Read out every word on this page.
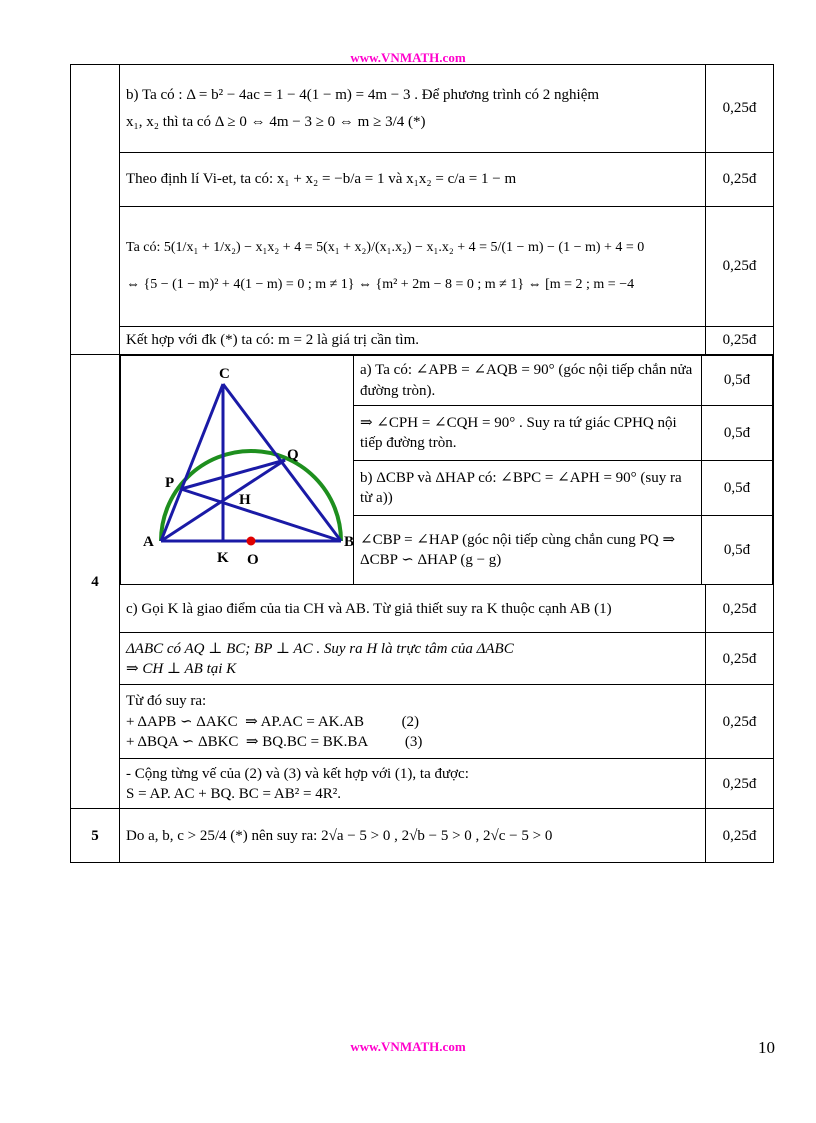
www.VNMATH.com

b) Ta có : Δ = b² − 4ac = 1 − 4(1 − m) = 4m − 3 . Để phương trình có 2 nghiệm
x₁, x₂ thì ta có Δ ≥ 0 ⇔ 4m − 3 ≥ 0 ⇔ m ≥ 3/4 (*)
	0,25đ
Theo định lí Vi-et, ta có: x₁ + x₂ = −b/a = 1 và x₁x₂ = c/a = 1 − m	0,25đ

Ta có: 5(1/x₁ + 1/x₂) − x₁x₂ + 4 = 5(x₁ + x₂)/(x₁.x₂) − x₁.x₂ + 4 = 5/(1 − m) − (1 − m) + 4 = 0
⇔ {5 − (1 − m)² + 4(1 − m) = 0 ; m ≠ 1} ⇔ {m² + 2m − 8 = 0 ; m ≠ 1} ⇔ [m = 2 ; m = −4
	0,25đ
Kết hợp với đk (*) ta có: m = 2 là giá trị cần tìm.	0,25đ
4	
C
P
Q
H
A
K O
B
	a) Ta có: ∠APB = ∠AQB = 90° (góc nội tiếp chắn nửa đường tròn).	0,5đ
⇒ ∠CPH = ∠CQH = 90° . Suy ra tứ giác CPHQ nội tiếp đường tròn.	0,5đ
b) ΔCBP và ΔHAP có: ∠BPC = ∠APH = 90° (suy ra từ a))	0,5đ
∠CBP = ∠HAP (góc nội tiếp cùng chắn cung PQ ⇒ ΔCBP ∽ ΔHAP (g − g)	0,5đ

c) Gọi K là giao điểm của tia CH và AB. Từ giả thiết suy ra K thuộc cạnh AB (1)	0,25đ

ΔABC có AQ ⊥ BC; BP ⊥ AC . Suy ra H là trực tâm của ΔABC
⇒ CH ⊥ AB tại K
	0,25đ

Từ đó suy ra:
+ ΔAPB ∽ ΔAKC  ⇒ AP.AC = AK.AB          (2)
+ ΔBQA ∽ ΔBKC  ⇒ BQ.BC = BK.BA          (3)
	0,25đ

- Cộng từng vế của (2) và (3) và kết hợp với (1), ta được:
S = AP. AC + BQ. BC = AB² = 4R².
	0,25đ
5	Do a, b, c > 25/4 (*) nên suy ra: 2√a − 5 > 0 , 2√b − 5 > 0 , 2√c − 5 > 0	0,25đ
www.VNMATH.com	10
